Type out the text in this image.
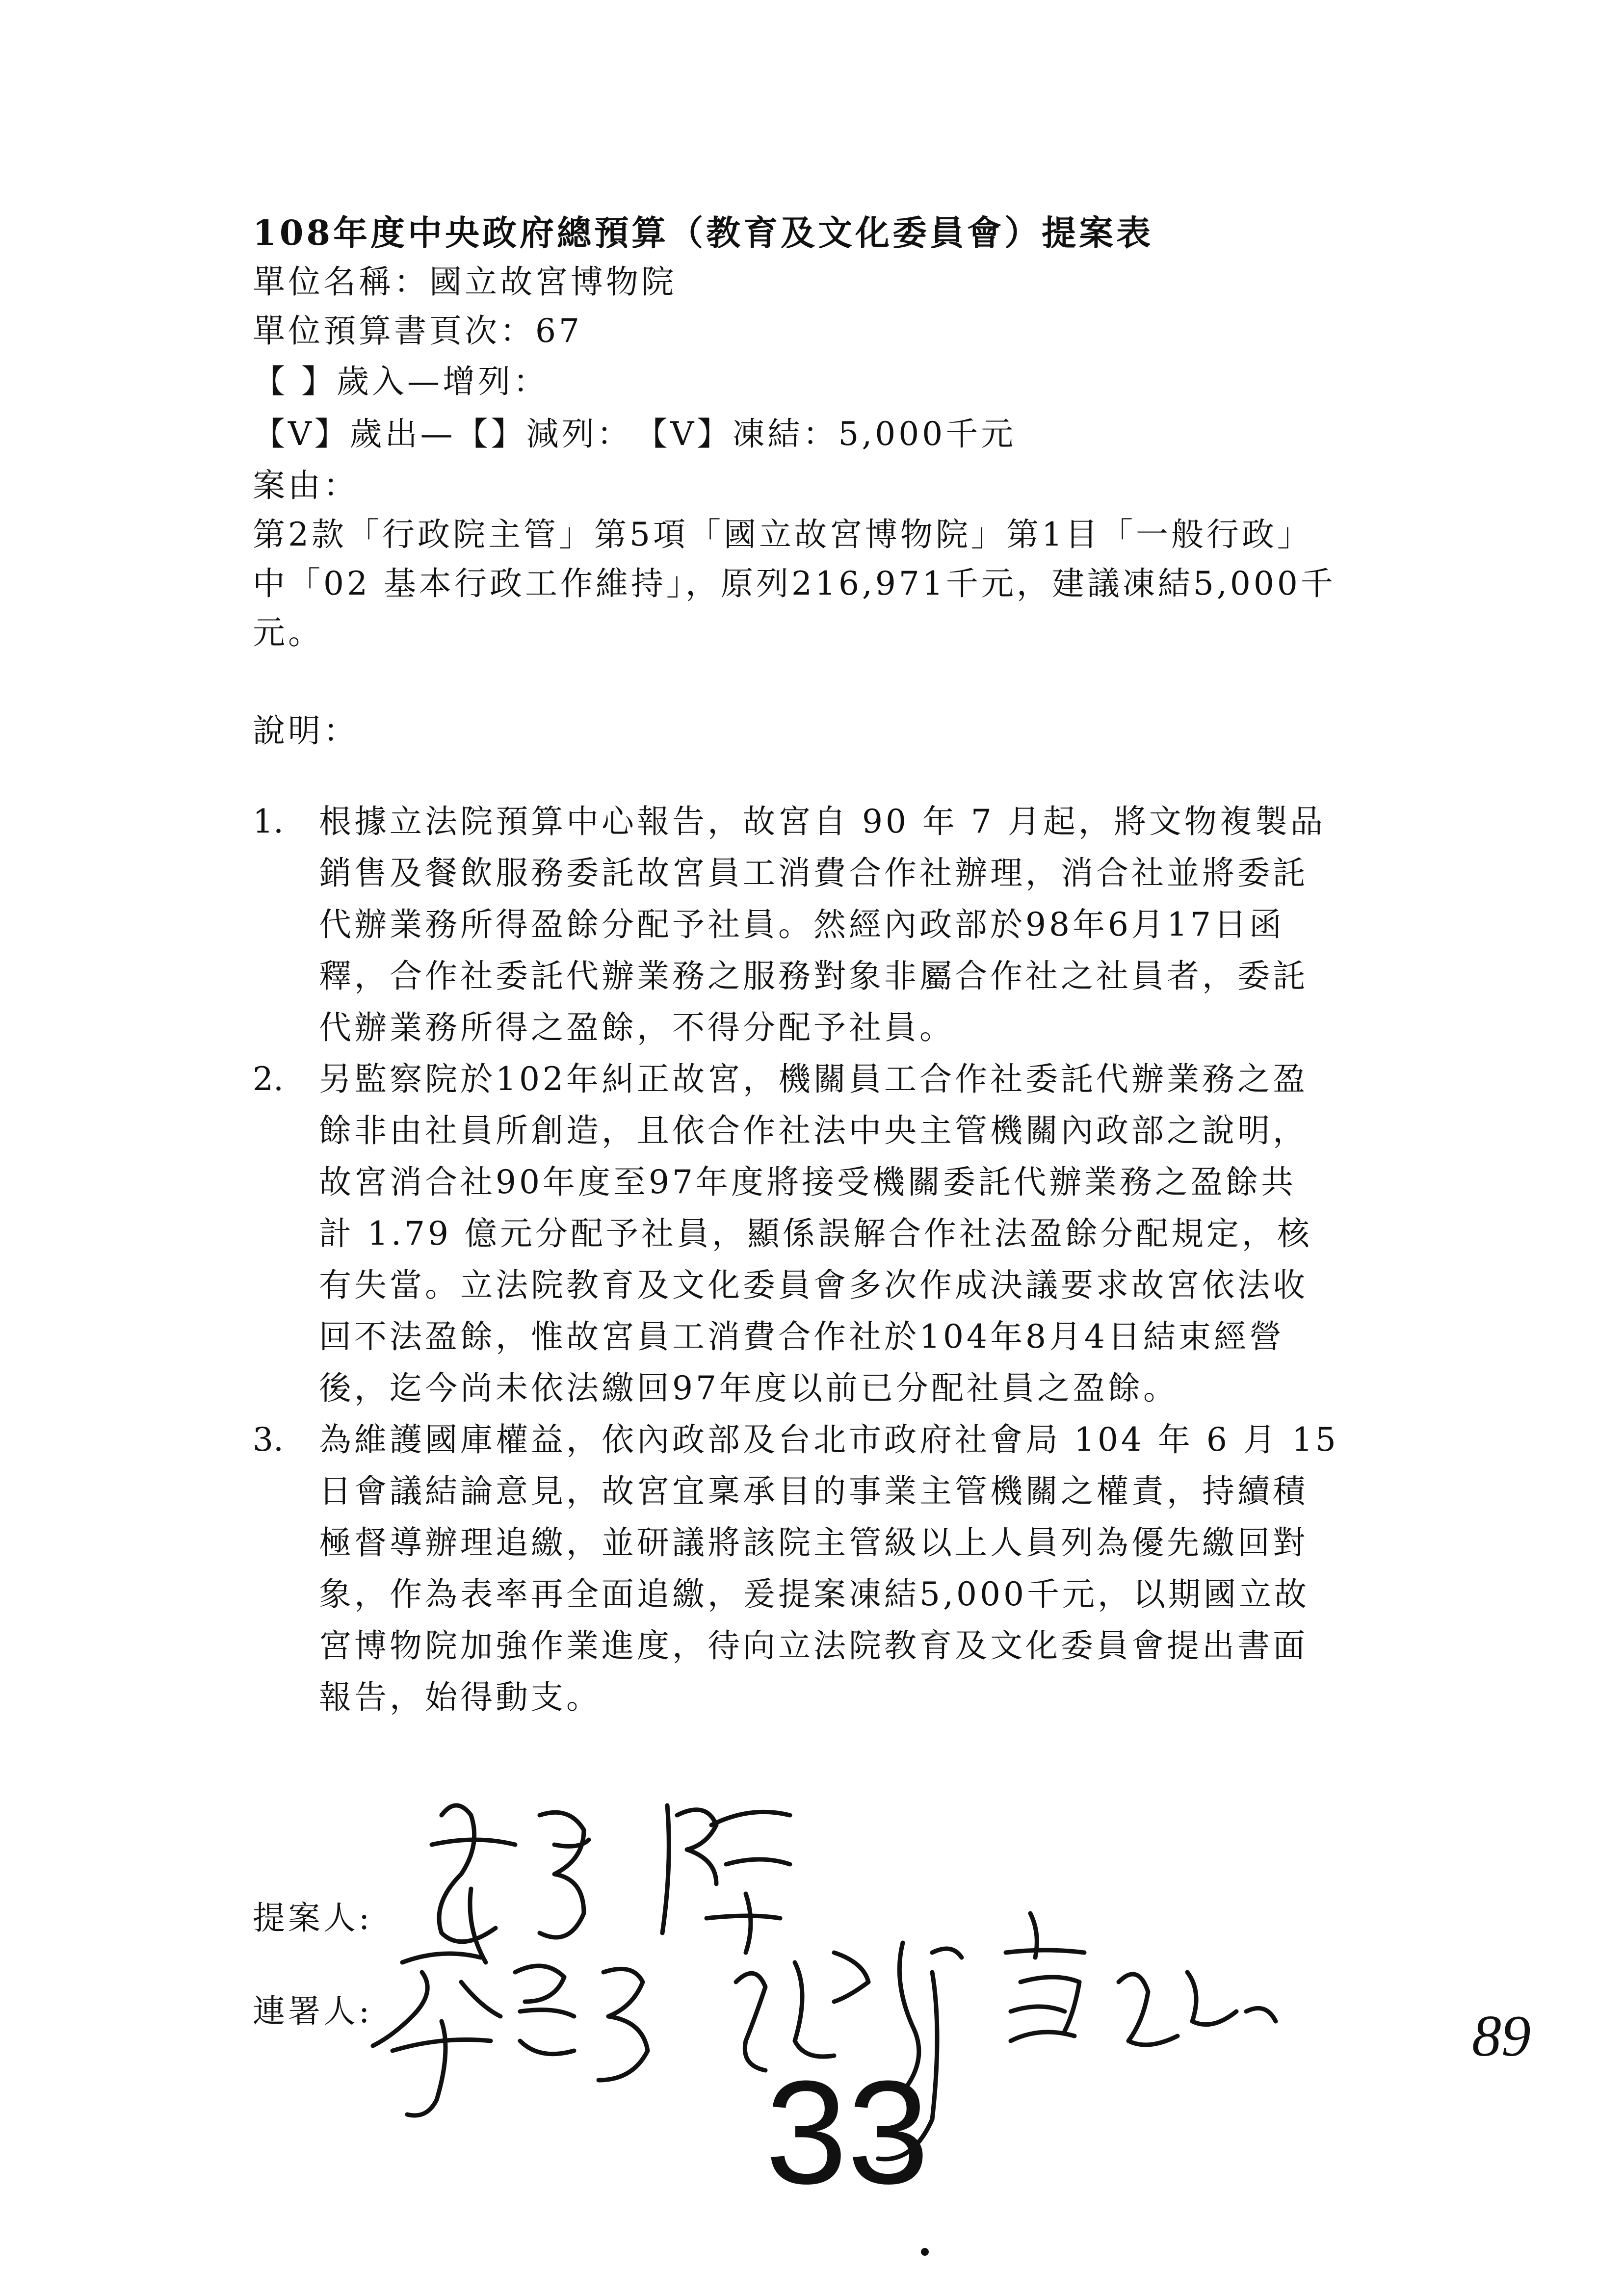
108年度中央政府總預算（教育及文化委員會）提案表
單位名稱：國立故宮博物院
單位預算書頁次：67
【 】歲入—增列：
【V】歲出—【】減列：　【V】凍結：5,000千元
案由：
第2款「行政院主管」第5項「國立故宮博物院」第1目「一般行政」
中「02 基本行政工作維持」，原列216,971千元，建議凍結5,000千
元。
說明：
1. 根據立法院預算中心報告，故宮自 90 年 7 月起，將文物複製品
銷售及餐飲服務委託故宮員工消費合作社辦理，消合社並將委託
代辦業務所得盈餘分配予社員。然經內政部於98年6月17日函
釋，合作社委託代辦業務之服務對象非屬合作社之社員者，委託
代辦業務所得之盈餘，不得分配予社員。
2. 另監察院於102年糾正故宮，機關員工合作社委託代辦業務之盈
餘非由社員所創造，且依合作社法中央主管機關內政部之說明，
故宮消合社90年度至97年度將接受機關委託代辦業務之盈餘共
計 1.79 億元分配予社員，顯係誤解合作社法盈餘分配規定，核
有失當。立法院教育及文化委員會多次作成決議要求故宮依法收
回不法盈餘，惟故宮員工消費合作社於104年8月4日結束經營
後，迄今尚未依法繳回97年度以前已分配社員之盈餘。
3. 為維護國庫權益，依內政部及台北市政府社會局 104 年 6 月 15
日會議結論意見，故宮宜稟承目的事業主管機關之權責，持續積
極督導辦理追繳，並研議將該院主管級以上人員列為優先繳回對
象，作為表率再全面追繳，爰提案凍結5,000千元，以期國立故
宮博物院加強作業進度，待向立法院教育及文化委員會提出書面
報告，始得動支。
提案人:
連署人:
33
89
